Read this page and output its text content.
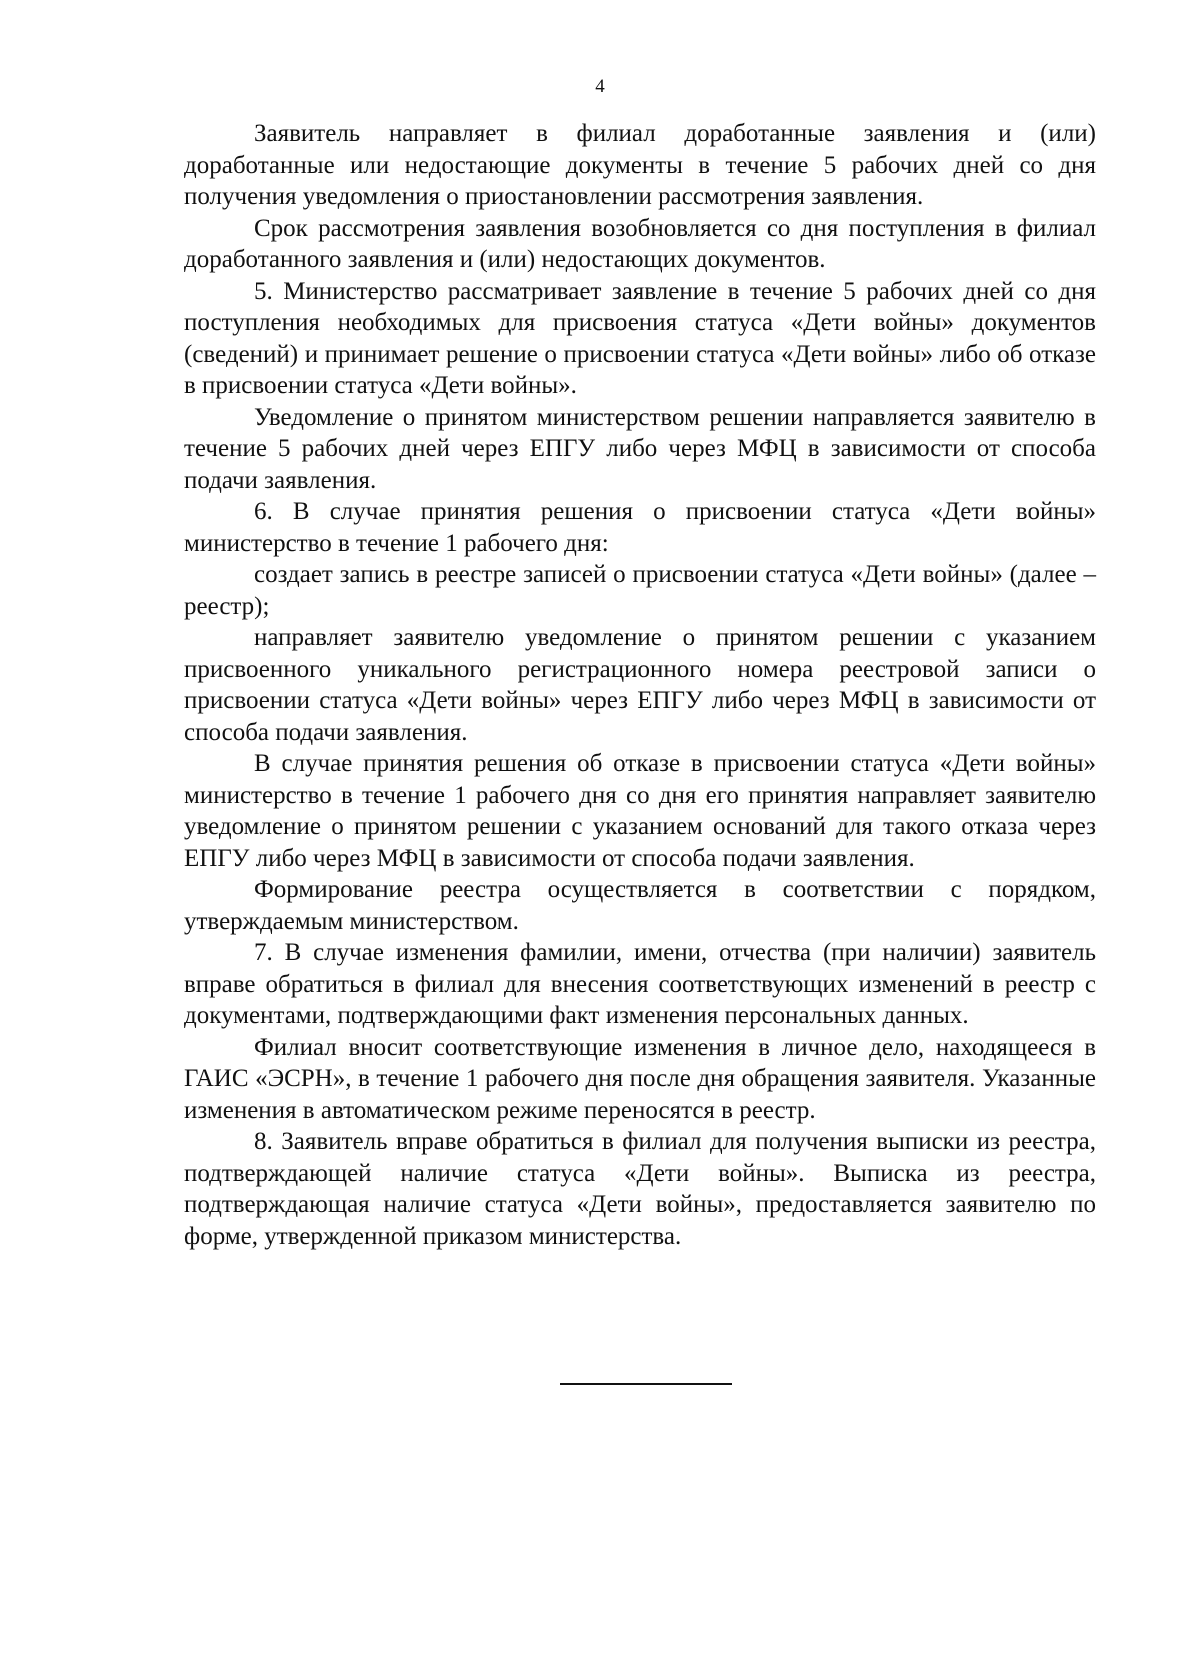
4

Заявитель направляет в филиал доработанные заявления и (или) доработанные или недостающие документы в течение 5 рабочих дней со дня получения уведомления о приостановлении рассмотрения заявления.

Срок рассмотрения заявления возобновляется со дня поступления в филиал доработанного заявления и (или) недостающих документов.

5. Министерство рассматривает заявление в течение 5 рабочих дней со дня поступления необходимых для присвоения статуса «Дети войны» документов (сведений) и принимает решение о присвоении статуса «Дети войны» либо об отказе в присвоении статуса «Дети войны».

Уведомление о принятом министерством решении направляется заявителю в течение 5 рабочих дней через ЕПГУ либо через МФЦ в зависимости от способа подачи заявления.

6. В случае принятия решения о присвоении статуса «Дети войны» министерство в течение 1 рабочего дня:

создает запись в реестре записей о присвоении статуса «Дети войны» (далее – реестр);

направляет заявителю уведомление о принятом решении с указанием присвоенного уникального регистрационного номера реестровой записи о присвоении статуса «Дети войны» через ЕПГУ либо через МФЦ в зависимости от способа подачи заявления.

В случае принятия решения об отказе в присвоении статуса «Дети войны» министерство в течение 1 рабочего дня со дня его принятия направляет заявителю уведомление о принятом решении с указанием оснований для такого отказа через ЕПГУ либо через МФЦ в зависимости от способа подачи заявления.

Формирование реестра осуществляется в соответствии с порядком, утверждаемым министерством.

7. В случае изменения фамилии, имени, отчества (при наличии) заявитель вправе обратиться в филиал для внесения соответствующих изменений в реестр с документами, подтверждающими факт изменения персональных данных.

Филиал вносит соответствующие изменения в личное дело, находящееся в ГАИС «ЭСРН», в течение 1 рабочего дня после дня обращения заявителя. Указанные изменения в автоматическом режиме переносятся в реестр.

8. Заявитель вправе обратиться в филиал для получения выписки из реестра, подтверждающей наличие статуса «Дети войны». Выписка из реестра, подтверждающая наличие статуса «Дети войны», предоставляется заявителю по форме, утвержденной приказом министерства.
